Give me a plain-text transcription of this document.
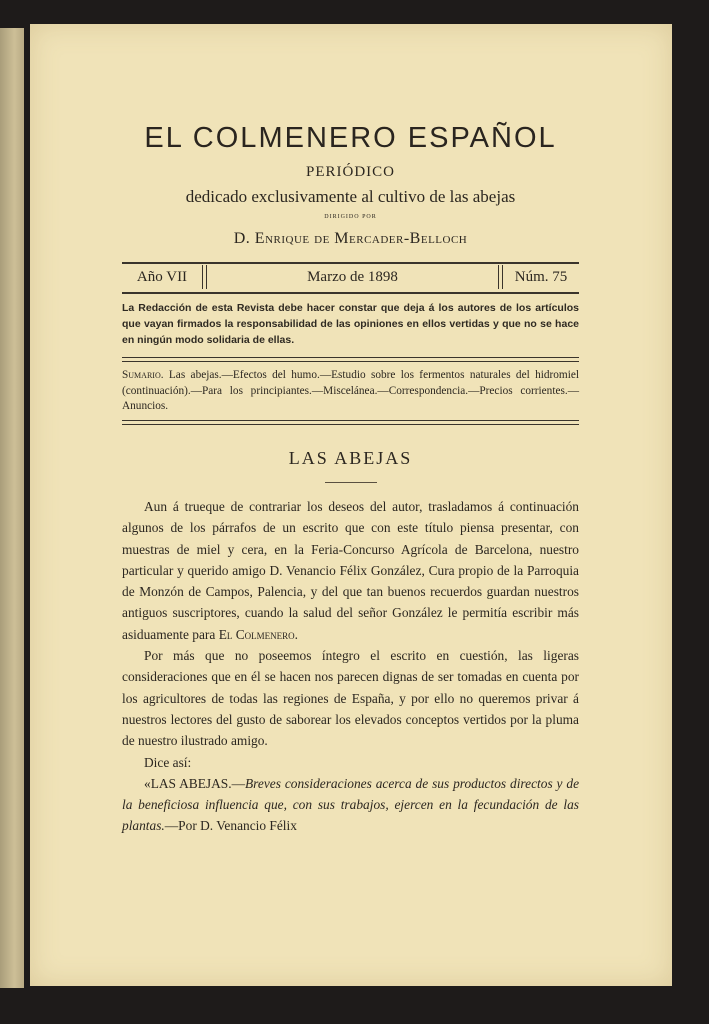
EL COLMENERO ESPAÑOL
PERIÓDICO
dedicado exclusivamente al cultivo de las abejas
DIRIGIDO POR
D. Enrique de Mercader-Belloch
Año VII	Marzo de 1898	Núm. 75
La Redacción de esta Revista debe hacer constar que deja á los autores de los artículos que vayan firmados la responsabilidad de las opiniones en ellos vertidas y que no se hace en ningún modo solidaria de ellas.
Sumario. Las abejas.—Efectos del humo.—Estudio sobre los fermentos naturales del hidromiel (continuación).—Para los principiantes.—Miscelánea.—Correspondencia.—Precios corrientes.—Anuncios.
LAS ABEJAS

Aun á trueque de contrariar los deseos del autor, trasladamos á continuación algunos de los párrafos de un escrito que con este título piensa presentar, con muestras de miel y cera, en la Feria-Concurso Agrícola de Barcelona, nuestro particular y querido amigo D. Venancio Félix González, Cura propio de la Parroquia de Monzón de Campos, Palencia, y del que tan buenos recuerdos guardan nuestros antiguos suscriptores, cuando la salud del señor González le permitía escribir más asiduamente para El Colmenero.

Por más que no poseemos íntegro el escrito en cuestión, las ligeras consideraciones que en él se hacen nos parecen dignas de ser tomadas en cuenta por los agricultores de todas las regiones de España, y por ello no queremos privar á nuestros lectores del gusto de saborear los elevados conceptos vertidos por la pluma de nuestro ilustrado amigo.

Dice así:

«LAS ABEJAS.—Breves consideraciones acerca de sus productos directos y de la beneficiosa influencia que, con sus trabajos, ejercen en la fecundación de las plantas.—Por D. Venancio Félix
